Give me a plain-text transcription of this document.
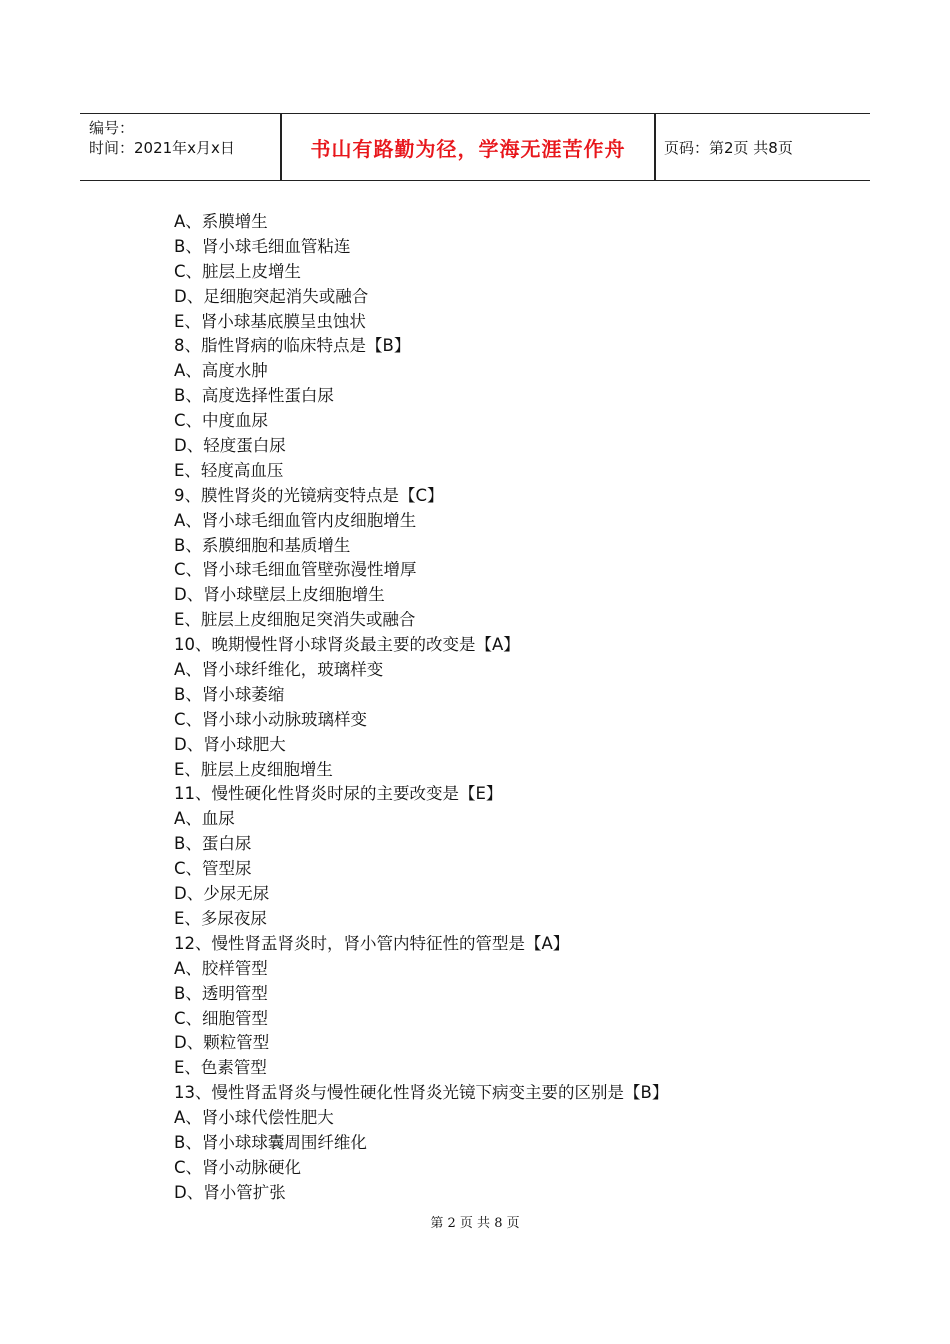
编号：
时间：2021年x月x日	书山有路勤为径，学海无涯苦作舟	页码：第2页 共8页
A、系膜增生
B、肾小球毛细血管粘连
C、脏层上皮增生
D、足细胞突起消失或融合
E、肾小球基底膜呈虫蚀状
8、脂性肾病的临床特点是【B】
A、高度水肿
B、高度选择性蛋白尿
C、中度血尿
D、轻度蛋白尿
E、轻度高血压
9、膜性肾炎的光镜病变特点是【C】
A、肾小球毛细血管内皮细胞增生
B、系膜细胞和基质增生
C、肾小球毛细血管壁弥漫性增厚
D、肾小球壁层上皮细胞增生
E、脏层上皮细胞足突消失或融合
10、晚期慢性肾小球肾炎最主要的改变是【A】
A、肾小球纤维化，玻璃样变
B、肾小球萎缩
C、肾小球小动脉玻璃样变
D、肾小球肥大
E、脏层上皮细胞增生
11、慢性硬化性肾炎时尿的主要改变是【E】
A、血尿
B、蛋白尿
C、管型尿
D、少尿无尿
E、多尿夜尿
12、慢性肾盂肾炎时，肾小管内特征性的管型是【A】
A、胶样管型
B、透明管型
C、细胞管型
D、颗粒管型
E、色素管型
13、慢性肾盂肾炎与慢性硬化性肾炎光镜下病变主要的区别是【B】
A、肾小球代偿性肥大
B、肾小球球囊周围纤维化
C、肾小动脉硬化
D、肾小管扩张
第 2 页 共 8 页
